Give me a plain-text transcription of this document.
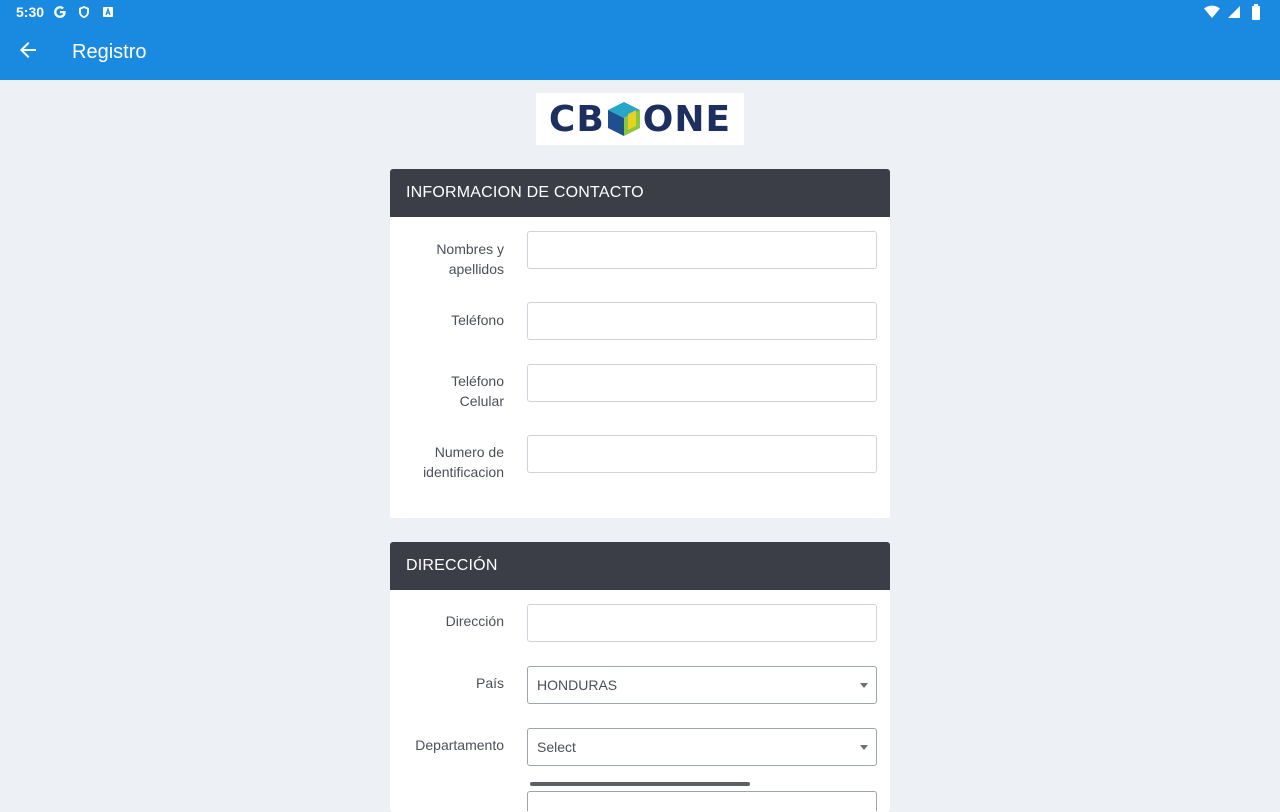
5:30
Registro
CB ONE
INFORMACION DE CONTACTO
Nombres y
apellidos
Teléfono
Teléfono
Celular
Numero de
identificacion
DIRECCIÓN
Dirección
País HONDURAS
Departamento Select
